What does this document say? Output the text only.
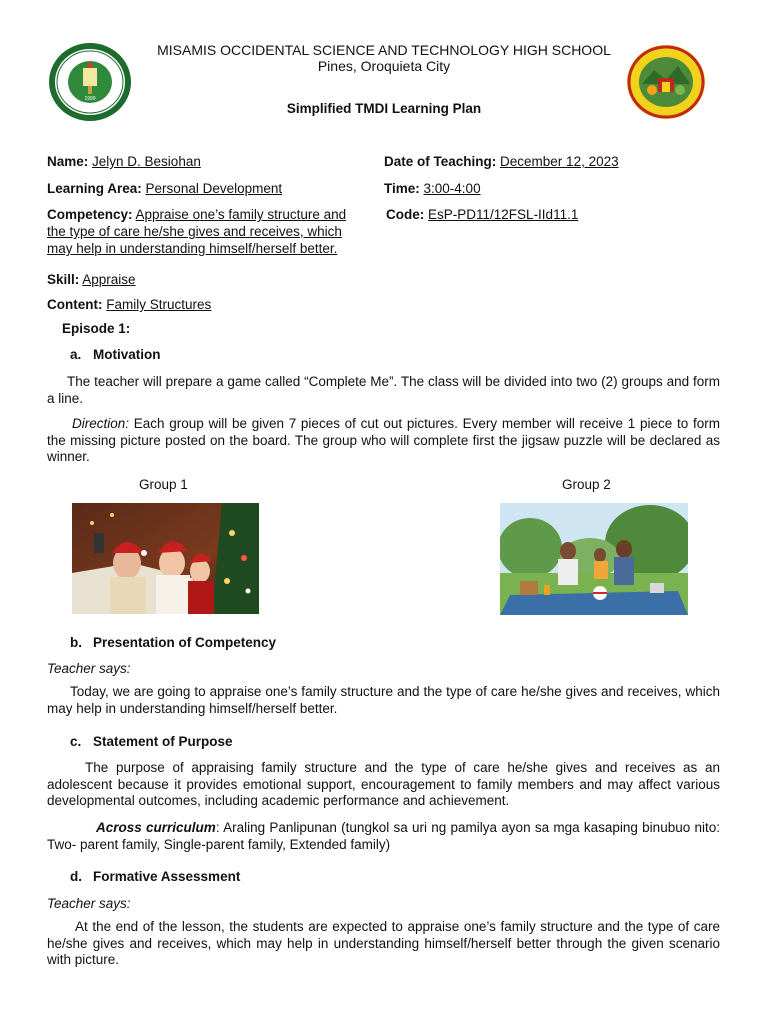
1999
MISAMIS OCCIDENTAL SCIENCE AND TECHNOLOGY HIGH SCHOOL
Pines, Oroquieta City
Simplified TMDI Learning Plan
Name: Jelyn D. Besiohan	Date of Teaching: December 12, 2023
Learning Area: Personal Development	Time: 3:00-4:00
Competency: Appraise one’s family structure and
the type of care he/she gives and receives, which
may help in understanding himself/herself better.
Code: EsP-PD11/12FSL-IId11.1
Skill: Appraise
Content: Family Structures
Episode 1:
a. Motivation
The teacher will prepare a game called “Complete Me”. The class will be divided into two (2) groups and form a line.
Direction: Each group will be given 7 pieces of cut out pictures. Every member will receive 1 piece to form the missing picture posted on the board. The group who will complete first the jigsaw puzzle will be declared as winner.
Group 1	Group 2
b. Presentation of Competency
Teacher says:
Today, we are going to appraise one’s family structure and the type of care he/she gives and receives, which may help in understanding himself/herself better.
c. Statement of Purpose
The purpose of appraising family structure and the type of care he/she gives and receives as an adolescent because it provides emotional support, encouragement to family members and may affect various developmental outcomes, including academic performance and achievement.
Across curriculum: Araling Panlipunan (tungkol sa uri ng pamilya ayon sa mga kasaping binubuo nito: Two- parent family, Single-parent family, Extended family)
d. Formative Assessment
Teacher says:
At the end of the lesson, the students are expected to appraise one’s family structure and the type of care he/she gives and receives, which may help in understanding himself/herself better through the given scenario with picture.
